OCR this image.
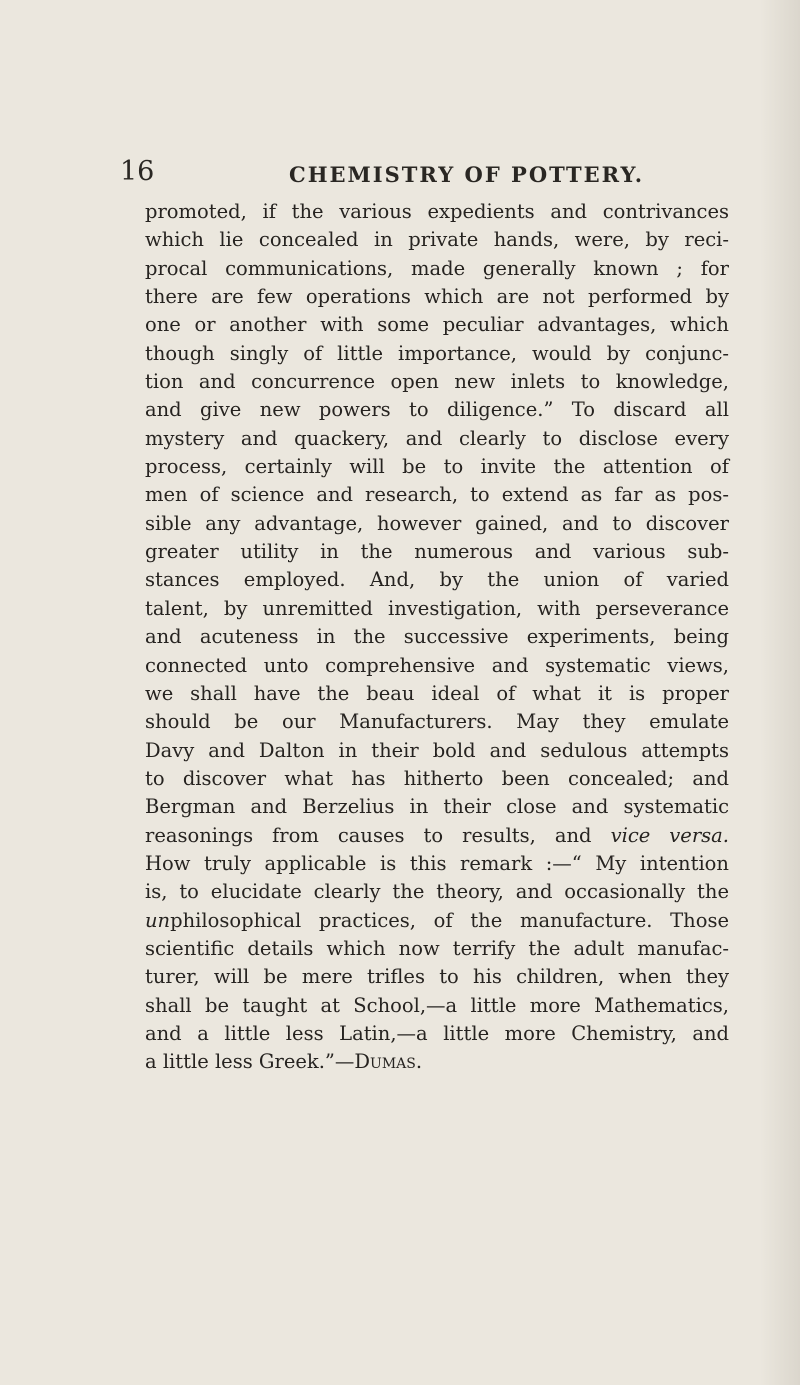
16	CHEMISTRY OF POTTERY.
promoted, if the various expedients and contrivances
which lie concealed in private hands, were, by reci-
procal communications, made generally known ; for
there are few operations which are not performed by
one or another with some peculiar advantages, which
though singly of little importance, would by conjunc-
tion and concurrence open new inlets to knowledge,
and give new powers to diligence.” To discard all
mystery and quackery, and clearly to disclose every
process, certainly will be to invite the attention of
men of science and research, to extend as far as pos-
sible any advantage, however gained, and to discover
greater utility in the numerous and various sub-
stances employed. And, by the union of varied
talent, by unremitted investigation, with perseverance
and acuteness in the successive experiments, being
connected unto comprehensive and systematic views,
we shall have the beau ideal of what it is proper
should be our Manufacturers. May they emulate
Davy and Dalton in their bold and sedulous attempts
to discover what has hitherto been concealed; and
Bergman and Berzelius in their close and systematic
reasonings from causes to results, and vice versa.
How truly applicable is this remark :—“ My intention
is, to elucidate clearly the theory, and occasionally the
unphilosophical practices, of the manufacture. Those
scientific details which now terrify the adult manufac-
turer, will be mere trifles to his children, when they
shall be taught at School,—a little more Mathematics,
and a little less Latin,—a little more Chemistry, and
a little less Greek.”—Dumas.
